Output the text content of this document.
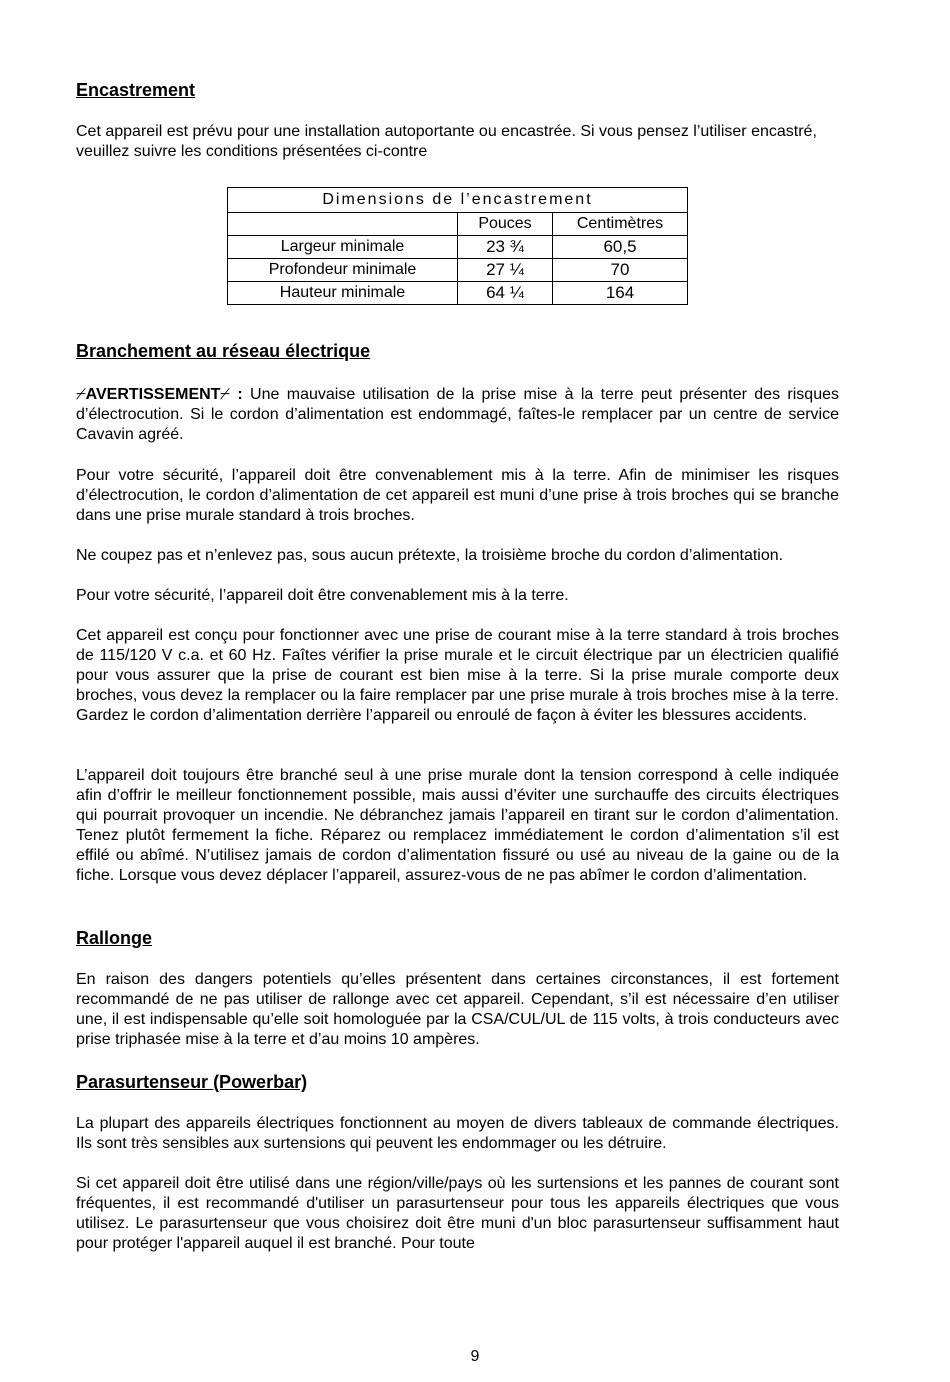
Encastrement

Cet appareil est prévu pour une installation autoportante ou encastrée. Si vous pensez l’utiliser encastré, veuillez suivre les conditions présentées ci-contre

Dimensions de l’encastrement		
	Pouces	Centimètres
Largeur minimale	23 ¾	60,5
Profondeur minimale	27 ¼	70
Hauteur minimale	64 ¼	164
Branchement au réseau électrique

⌿AVERTISSEMENT⌿ : Une mauvaise utilisation de la prise mise à la terre peut présenter des risques d’électrocution. Si le cordon d’alimentation est endommagé, faîtes-le remplacer par un centre de service Cavavin agréé.

Pour votre sécurité, l’appareil doit être convenablement mis à la terre. Afin de minimiser les risques d’électrocution, le cordon d’alimentation de cet appareil est muni d’une prise à trois broches qui se branche dans une prise murale standard à trois broches.

Ne coupez pas et n’enlevez pas, sous aucun prétexte, la troisième broche du cordon d’alimentation.

Pour votre sécurité, l’appareil doit être convenablement mis à la terre.

Cet appareil est conçu pour fonctionner avec une prise de courant mise à la terre standard à trois broches de 115/120 V c.a. et 60 Hz. Faîtes vérifier la prise murale et le circuit électrique par un électricien qualifié pour vous assurer que la prise de courant est bien mise à la terre. Si la prise murale comporte deux broches, vous devez la remplacer ou la faire remplacer par une prise murale à trois broches mise à la terre. Gardez le cordon d’alimentation derrière l’appareil ou enroulé de façon à éviter les blessures accidents.

L’appareil doit toujours être branché seul à une prise murale dont la tension correspond à celle indiquée afin d’offrir le meilleur fonctionnement possible, mais aussi d’éviter une surchauffe des circuits électriques qui pourrait provoquer un incendie. Ne débranchez jamais l’appareil en tirant sur le cordon d’alimentation. Tenez plutôt fermement la fiche. Réparez ou remplacez immédiatement le cordon d’alimentation s’il est effilé ou abîmé. N’utilisez jamais de cordon d’alimentation fissuré ou usé au niveau de la gaine ou de la fiche. Lorsque vous devez déplacer l’appareil, assurez-vous de ne pas abîmer le cordon d’alimentation.

Rallonge

En raison des dangers potentiels qu’elles présentent dans certaines circonstances, il est fortement recommandé de ne pas utiliser de rallonge avec cet appareil. Cependant, s’il est nécessaire d’en utiliser une, il est indispensable qu’elle soit homologuée par la CSA/CUL/UL de 115 volts, à trois conducteurs avec prise triphasée mise à la terre et d’au moins 10 ampères.

Parasurtenseur (Powerbar)

La plupart des appareils électriques fonctionnent au moyen de divers tableaux de commande électriques. Ils sont très sensibles aux surtensions qui peuvent les endommager ou les détruire.

Si cet appareil doit être utilisé dans une région/ville/pays où les surtensions et les pannes de courant sont fréquentes, il est recommandé d'utiliser un parasurtenseur pour tous les appareils électriques que vous utilisez. Le parasurtenseur que vous choisirez doit être muni d'un bloc parasurtenseur suffisamment haut pour protéger l'appareil auquel il est branché. Pour toute

9
